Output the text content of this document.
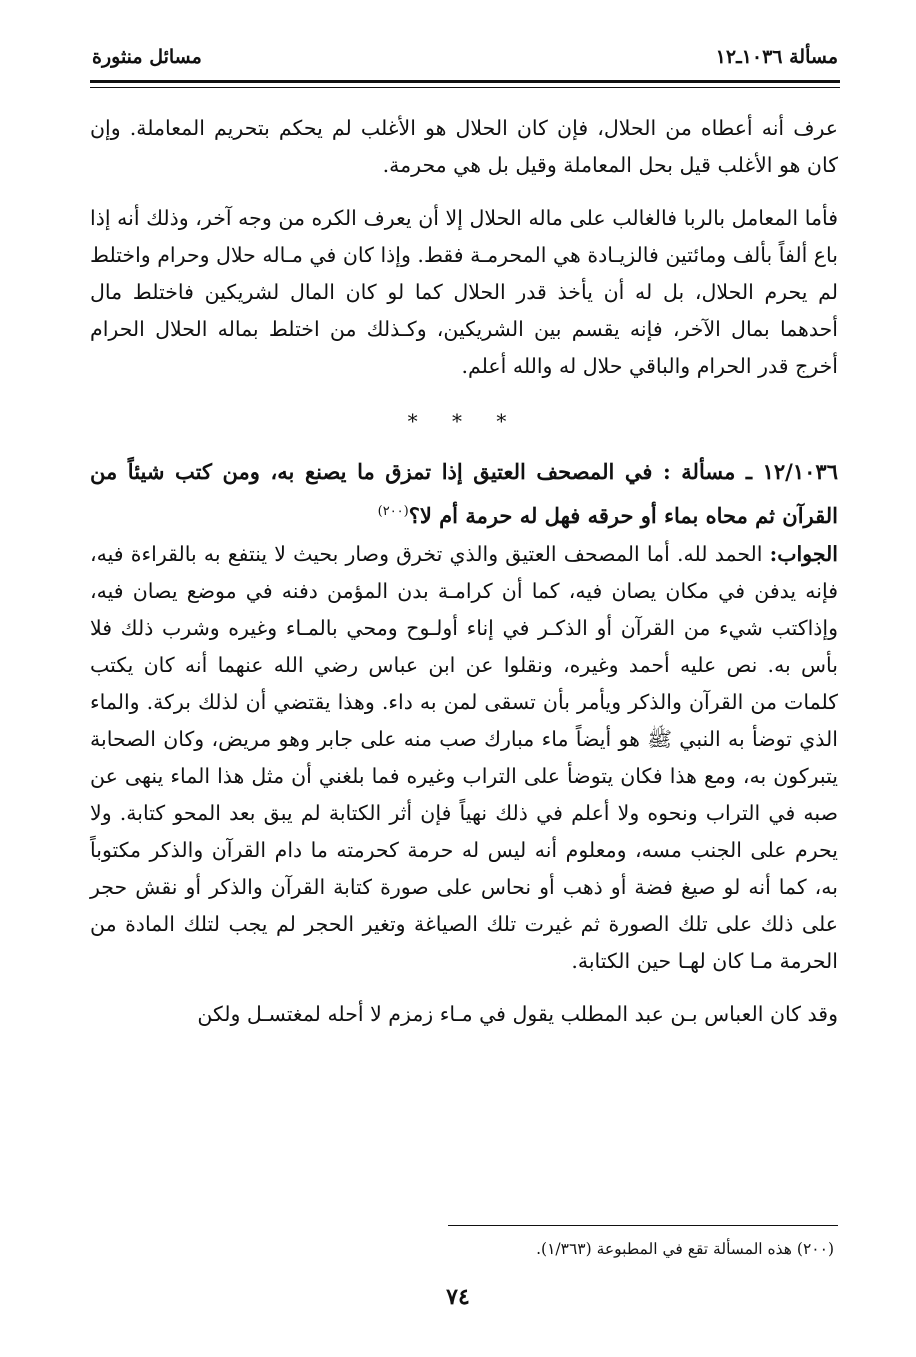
مسألة ١٠٣٦ـ١٢
مسائل منثورة

عرف أنه أعطاه من الحلال، فإن كان الحلال هو الأغلب لم يحكم بتحريم المعاملة. وإن كان هو الأغلب قيل بحل المعاملة وقيل بل هي محرمة.

فأما المعامل بالربا فالغالب على ماله الحلال إلا أن يعرف الكره من وجه آخر، وذلك أنه إذا باع ألفاً بألف ومائتين فالزيـادة هي المحرمـة فقط. وإذا كان في مـاله حلال وحرام واختلط لم يحرم الحلال، بل له أن يأخذ قدر الحلال كما لو كان المال لشريكين فاختلط مال أحدهما بمال الآخر، فإنه يقسم بين الشريكين، وكـذلك من اختلط بماله الحلال الحرام أخرج قدر الحرام والباقي حلال له والله أعلم.

* * *

١٢/١٠٣٦ ـ مسألة : في المصحف العتيق إذا تمزق ما يصنع به، ومن كتب شيئاً من القرآن ثم محاه بماء أو حرقه فهل له حرمة أم لا؟$^{(٢٠٠)}$

الجواب: الحمد لله. أما المصحف العتيق والذي تخرق وصار بحيث لا ينتفع به بالقراءة فيه، فإنه يدفن في مكان يصان فيه، كما أن كرامـة بدن المؤمن دفنه في موضع يصان فيه، وإذاكتب شيء من القرآن أو الذكـر في إناء أولـوح ومحي بالمـاء وغيره وشرب ذلك فلا بأس به. نص عليه أحمد وغيره، ونقلوا عن ابن عباس رضي الله عنهما أنه كان يكتب كلمات من القرآن والذكر ويأمر بأن تسقى لمن به داء. وهذا يقتضي أن لذلك بركة. والماء الذي توضأ به النبي ﷺ هو أيضاً ماء مبارك صب منه على جابر وهو مريض، وكان الصحابة يتبركون به، ومع هذا فكان يتوضأ على التراب وغيره فما بلغني أن مثل هذا الماء ينهى عن صبه في التراب ونحوه ولا أعلم في ذلك نهياً فإن أثر الكتابة لم يبق بعد المحو كتابة. ولا يحرم على الجنب مسه، ومعلوم أنه ليس له حرمة كحرمته ما دام القرآن والذكر مكتوباً به، كما أنه لو صيغ فضة أو ذهب أو نحاس على صورة كتابة القرآن والذكر أو نقش حجر على ذلك على تلك الصورة ثم غيرت تلك الصياغة وتغير الحجر لم يجب لتلك المادة من الحرمة مـا كان لهـا حين الكتابة.

وقد كان العباس بـن عبد المطلب يقول في مـاء زمزم لا أحله لمغتسـل ولكن

(٢٠٠) هذه المسألة تقع في المطبوعة (١/٣٦٣).
٧٤
